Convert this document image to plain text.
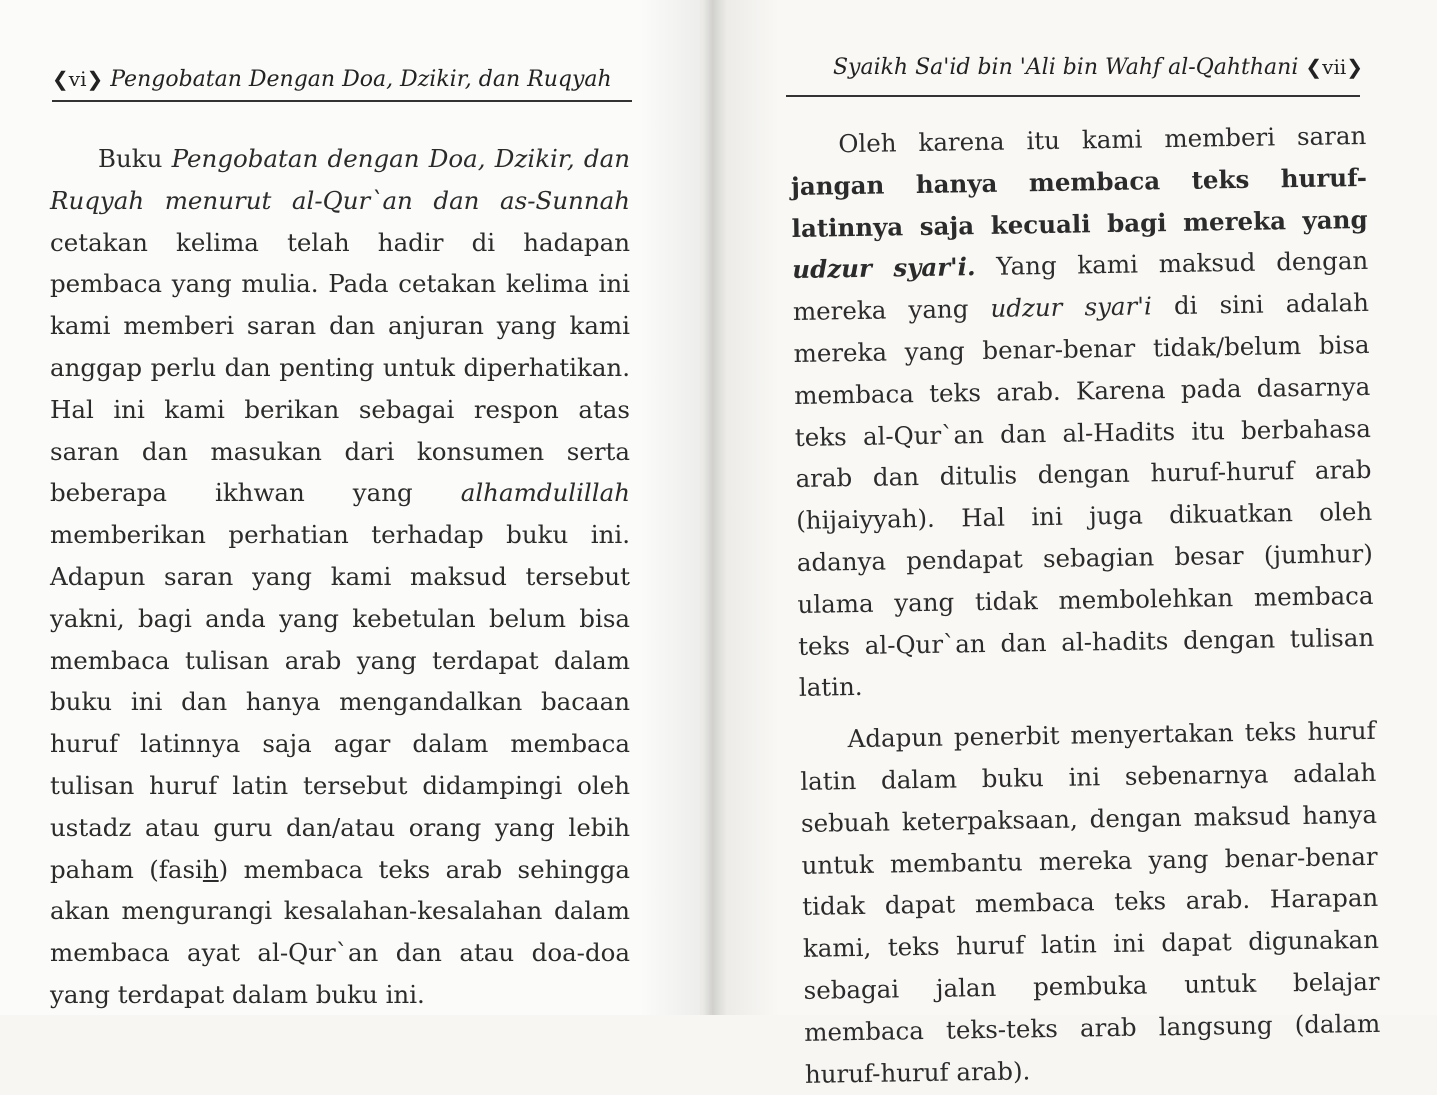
❮vi❯ Pengobatan Dengan Doa, Dzikir, dan Ruqyah

Buku Pengobatan dengan Doa, Dzikir, dan Ruqyah menurut al-Qur`an dan as-Sunnah cetakan kelima telah hadir di hadapan pembaca yang mulia. Pada cetakan kelima ini kami memberi saran dan anjuran yang kami anggap perlu dan penting untuk diperhatikan. Hal ini kami berikan sebagai respon atas saran dan masukan dari konsumen serta beberapa ikhwan yang alhamdulillah memberikan perhatian terhadap buku ini. Adapun saran yang kami maksud tersebut yakni, bagi anda yang kebetulan belum bisa membaca tulisan arab yang terdapat dalam buku ini dan hanya mengandalkan bacaan huruf latinnya saja agar dalam membaca tulisan huruf latin tersebut didampingi oleh ustadz atau guru dan/atau orang yang lebih paham (fasih) membaca teks arab sehingga akan mengurangi kesalahan-kesalahan dalam membaca ayat al-Qur`an dan atau doa-doa yang terdapat dalam buku ini.

Syaikh Sa'id bin 'Ali bin Wahf al-Qahthani ❮vii❯

Oleh karena itu kami memberi saran jangan hanya membaca teks huruf-latinnya saja kecuali bagi mereka yang udzur syar'i. Yang kami maksud dengan mereka yang udzur syar'i di sini adalah mereka yang benar-benar tidak/belum bisa membaca teks arab. Karena pada dasarnya teks al-Qur`an dan al-Hadits itu berbahasa arab dan ditulis dengan huruf-huruf arab (hijaiyyah). Hal ini juga dikuatkan oleh adanya pendapat sebagian besar (jumhur) ulama yang tidak membolehkan membaca teks al-Qur`an dan al-hadits dengan tulisan latin.

Adapun penerbit menyertakan teks huruf latin dalam buku ini sebenarnya adalah sebuah keterpaksaan, dengan maksud hanya untuk membantu mereka yang benar-benar tidak dapat membaca teks arab. Harapan kami, teks huruf latin ini dapat digunakan sebagai jalan pembuka untuk belajar membaca teks-teks arab langsung (dalam huruf-huruf arab).
